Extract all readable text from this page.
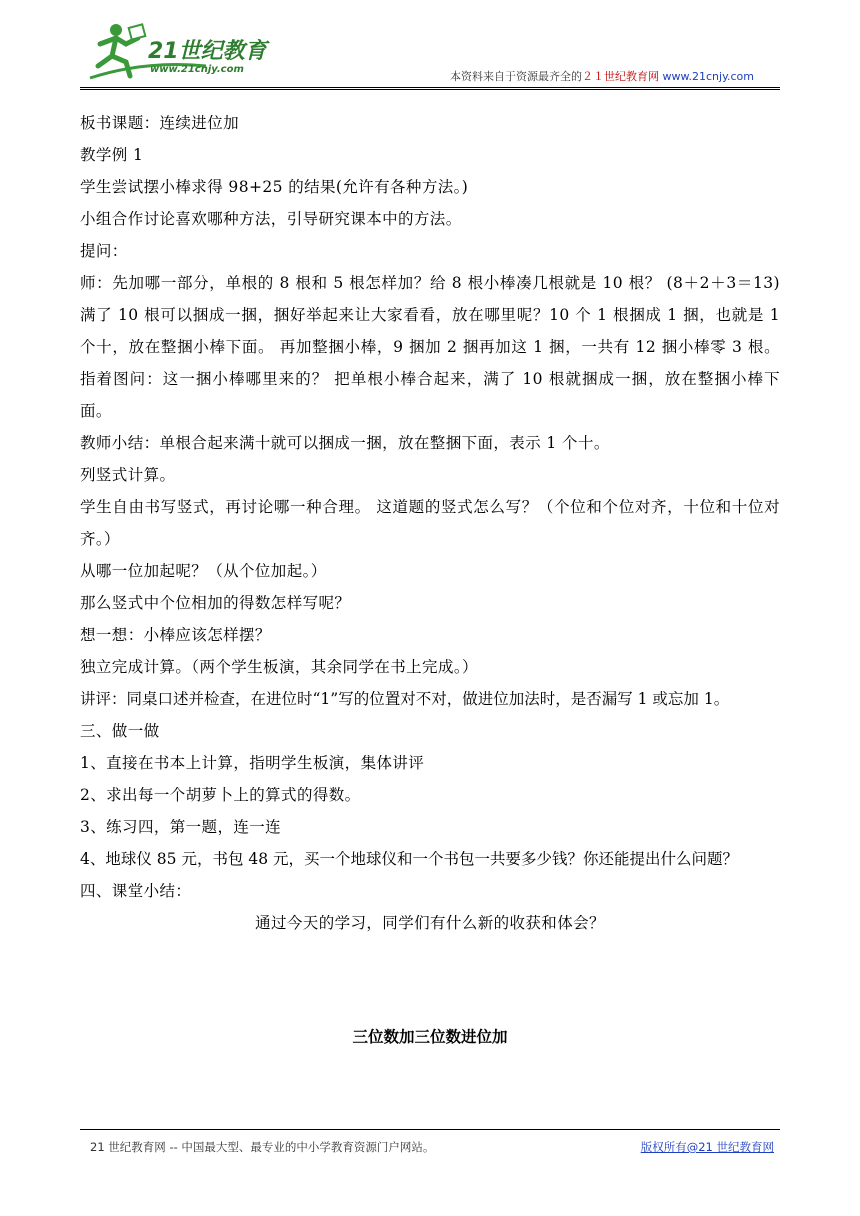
21世纪教育
www.21cnjy.com
本资料来自于资源最齐全的２１世纪教育网 www.21cnjy.com

板书课题：连续进位加

教学例 1

学生尝试摆小棒求得 98+25 的结果(允许有各种方法。)

小组合作讨论喜欢哪种方法，引导研究课本中的方法。

提问：

师：先加哪一部分，单根的 8 根和 5 根怎样加？给 8 根小棒凑几根就是 10 根？ (8＋2＋3＝13) 满了 10 根可以捆成一捆，捆好举起来让大家看看，放在哪里呢？10 个 1 根捆成 1 捆，也就是 1 个十，放在整捆小棒下面。 再加整捆小棒，9 捆加 2 捆再加这 1 捆，一共有 12 捆小棒零 3 根。 指着图问：这一捆小棒哪里来的？ 把单根小棒合起来，满了 10 根就捆成一捆，放在整捆小棒下面。

教师小结：单根合起来满十就可以捆成一捆，放在整捆下面，表示 1 个十。

列竖式计算。

学生自由书写竖式，再讨论哪一种合理。 这道题的竖式怎么写？（个位和个位对齐，十位和十位对齐。）

从哪一位加起呢？（从个位加起。）

那么竖式中个位相加的得数怎样写呢？

想一想：小棒应该怎样摆？

独立完成计算。（两个学生板演，其余同学在书上完成。）

讲评：同桌口述并检查，在进位时“1”写的位置对不对，做进位加法时，是否漏写 1 或忘加 1。

三、做一做

1、直接在书本上计算，指明学生板演，集体讲评

2、求出每一个胡萝卜上的算式的得数。

3、练习四，第一题，连一连

4、地球仪 85 元，书包 48 元，买一个地球仪和一个书包一共要多少钱？你还能提出什么问题？

四、课堂小结：

通过今天的学习，同学们有什么新的收获和体会？

三位数加三位数进位加

21 世纪教育网 -- 中国最大型、最专业的中小学教育资源门户网站。	版权所有@21 世纪教育网
